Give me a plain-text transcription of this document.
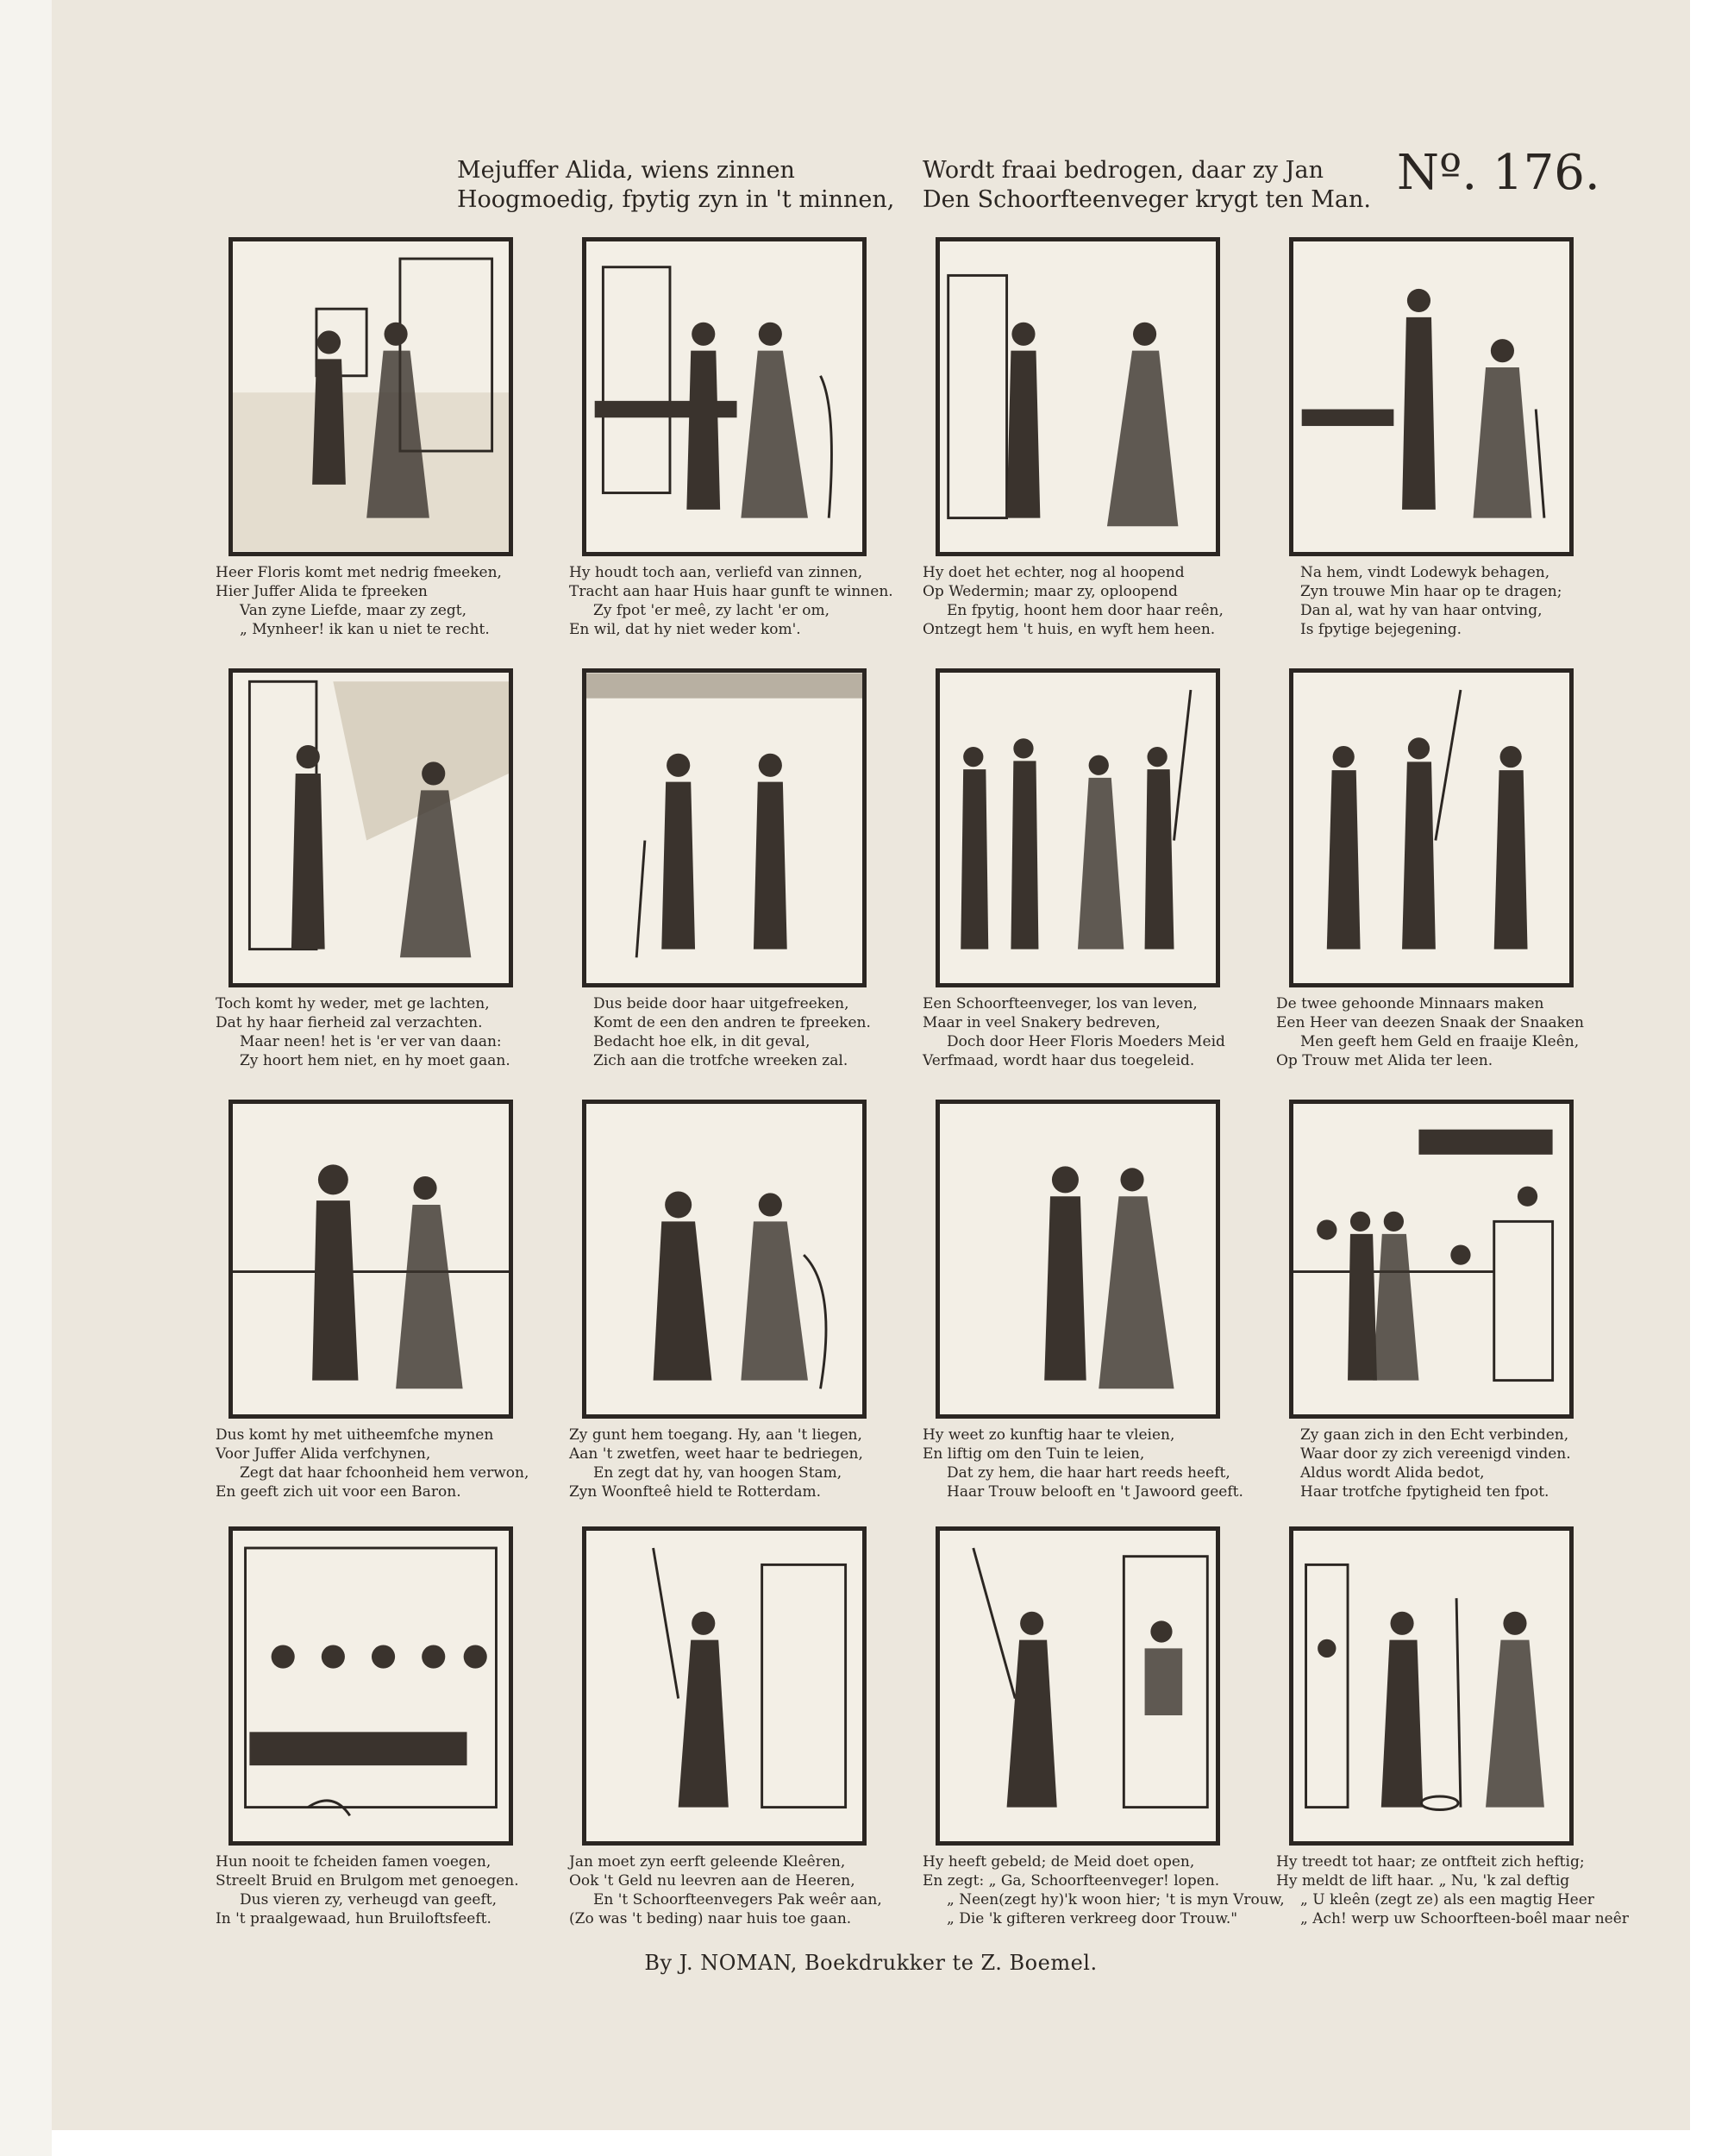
Mejuffer Alida, wiens zinnen
Hoogmoedig, fpytig zyn in 't minnen,
Wordt fraai bedrogen, daar zy Jan
Den Schoorfteenveger krygt ten Man. Nº. 176.
Heer Floris komt met nedrig fmeeken,
Hier Juffer Alida te fpreeken
Van zyne Liefde, maar zy zegt,
„ Mynheer! ik kan u niet te recht.
Hy houdt toch aan, verliefd van zinnen,
Tracht aan haar Huis haar gunft te winnen.
Zy fpot 'er meê, zy lacht 'er om,
En wil, dat hy niet weder kom'.
Hy doet het echter, nog al hoopend
Op Wedermin; maar zy, oploopend
En fpytig, hoont hem door haar reên,
Ontzegt hem 't huis, en wyft hem heen.
Na hem, vindt Lodewyk behagen,
Zyn trouwe Min haar op te dragen;
Dan al, wat hy van haar ontving,
Is fpytige bejegening.
Toch komt hy weder, met ge lachten,
Dat hy haar fierheid zal verzachten.
Maar neen! het is 'er ver van daan:
Zy hoort hem niet, en hy moet gaan.
Dus beide door haar uitgefreeken,
Komt de een den andren te fpreeken.
Bedacht hoe elk, in dit geval,
Zich aan die trotfche wreeken zal.
Een Schoorfteenveger, los van leven,
Maar in veel Snakery bedreven,
Doch door Heer Floris Moeders Meid
Verfmaad, wordt haar dus toegeleid.
De twee gehoonde Minnaars maken
Een Heer van deezen Snaak der Snaaken
Men geeft hem Geld en fraaije Kleên,
Op Trouw met Alida ter leen.
Dus komt hy met uitheemfche mynen
Voor Juffer Alida verfchynen,
Zegt dat haar fchoonheid hem verwon,
En geeft zich uit voor een Baron.
Zy gunt hem toegang. Hy, aan 't liegen,
Aan 't zwetfen, weet haar te bedriegen,
En zegt dat hy, van hoogen Stam,
Zyn Woonfteê hield te Rotterdam.
Hy weet zo kunftig haar te vleien,
En liftig om den Tuin te leien,
Dat zy hem, die haar hart reeds heeft,
Haar Trouw belooft en 't Jawoord geeft.
Zy gaan zich in den Echt verbinden,
Waar door zy zich vereenigd vinden.
Aldus wordt Alida bedot,
Haar trotfche fpytigheid ten fpot.
Hun nooit te fcheiden famen voegen,
Streelt Bruid en Brulgom met genoegen.
Dus vieren zy, verheugd van geeft,
In 't praalgewaad, hun Bruiloftsfeeft.
Jan moet zyn eerft geleende Kleêren,
Ook 't Geld nu leevren aan de Heeren,
En 't Schoorfteenvegers Pak weêr aan,
(Zo was 't beding) naar huis toe gaan.
Hy heeft gebeld; de Meid doet open,
En zegt: „ Ga, Schoorfteenveger! lopen.
„ Neen(zegt hy)'k woon hier; 't is myn Vrouw,
„ Die 'k gifteren verkreeg door Trouw."
Hy treedt tot haar; ze ontfteit zich heftig;
Hy meldt de lift haar. „ Nu, 'k zal deftig
„ U kleên (zegt ze) als een magtig Heer
„ Ach! werp uw Schoorfteen-boêl maar neêr
By J. NOMAN, Boekdrukker te Z. Boemel.
